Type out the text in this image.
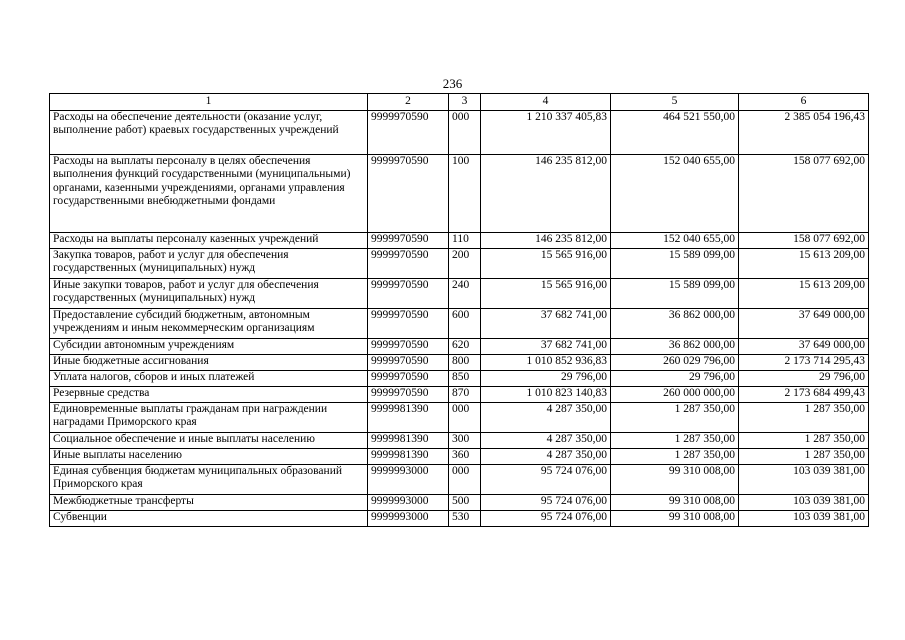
236
1	2	3	4	5	6
Расходы на обеспечение деятельности (оказание услуг, выполнение работ) краевых государственных учреждений	9999970590	000	1 210 337 405,83	464 521 550,00	2 385 054 196,43
Расходы на выплаты персоналу в целях обеспечения выполнения функций государственными (муниципальными) органами, казенными учреждениями, органами управления государственными внебюджетными фондами	9999970590	100	146 235 812,00	152 040 655,00	158 077 692,00
Расходы на выплаты персоналу казенных учреждений	9999970590	110	146 235 812,00	152 040 655,00	158 077 692,00
Закупка товаров, работ и услуг для обеспечения государственных (муниципальных) нужд	9999970590	200	15 565 916,00	15 589 099,00	15 613 209,00
Иные закупки товаров, работ и услуг для обеспечения государственных (муниципальных) нужд	9999970590	240	15 565 916,00	15 589 099,00	15 613 209,00
Предоставление субсидий бюджетным, автономным учреждениям и иным некоммерческим организациям	9999970590	600	37 682 741,00	36 862 000,00	37 649 000,00
Субсидии автономным учреждениям	9999970590	620	37 682 741,00	36 862 000,00	37 649 000,00
Иные бюджетные ассигнования	9999970590	800	1 010 852 936,83	260 029 796,00	2 173 714 295,43
Уплата налогов, сборов и иных платежей	9999970590	850	29 796,00	29 796,00	29 796,00
Резервные средства	9999970590	870	1 010 823 140,83	260 000 000,00	2 173 684 499,43
Единовременные выплаты гражданам при награждении наградами Приморского края	9999981390	000	4 287 350,00	1 287 350,00	1 287 350,00
Социальное обеспечение и иные выплаты населению	9999981390	300	4 287 350,00	1 287 350,00	1 287 350,00
Иные выплаты населению	9999981390	360	4 287 350,00	1 287 350,00	1 287 350,00
Единая субвенция бюджетам муниципальных образований Приморского края	9999993000	000	95 724 076,00	99 310 008,00	103 039 381,00
Межбюджетные трансферты	9999993000	500	95 724 076,00	99 310 008,00	103 039 381,00
Субвенции	9999993000	530	95 724 076,00	99 310 008,00	103 039 381,00
